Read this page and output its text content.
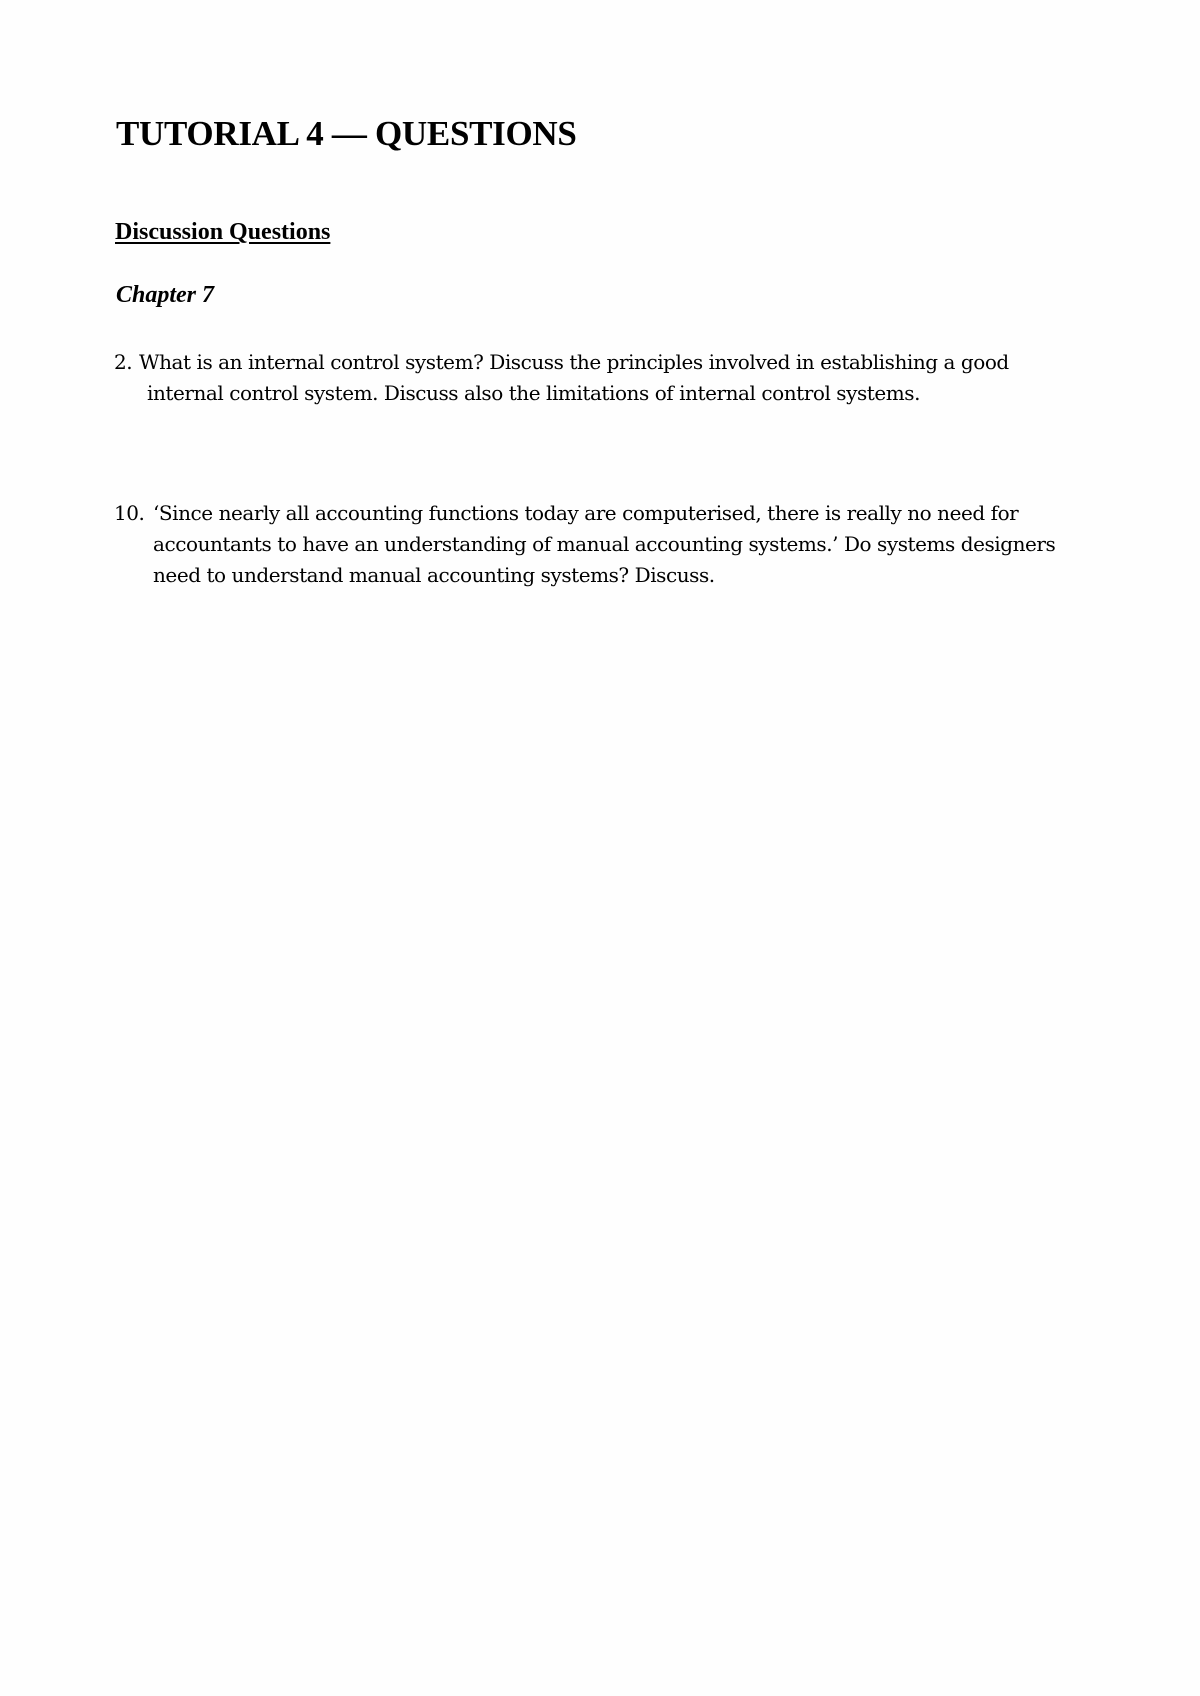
TUTORIAL 4 — QUESTIONS
Discussion Questions
Chapter 7
2. What is an internal control system? Discuss the principles involved in establishing a good internal control system. Discuss also the limitations of internal control systems.
10. ‘Since nearly all accounting functions today are computerised, there is really no need for accountants to have an understanding of manual accounting systems.’ Do systems designers need to understand manual accounting systems? Discuss.
